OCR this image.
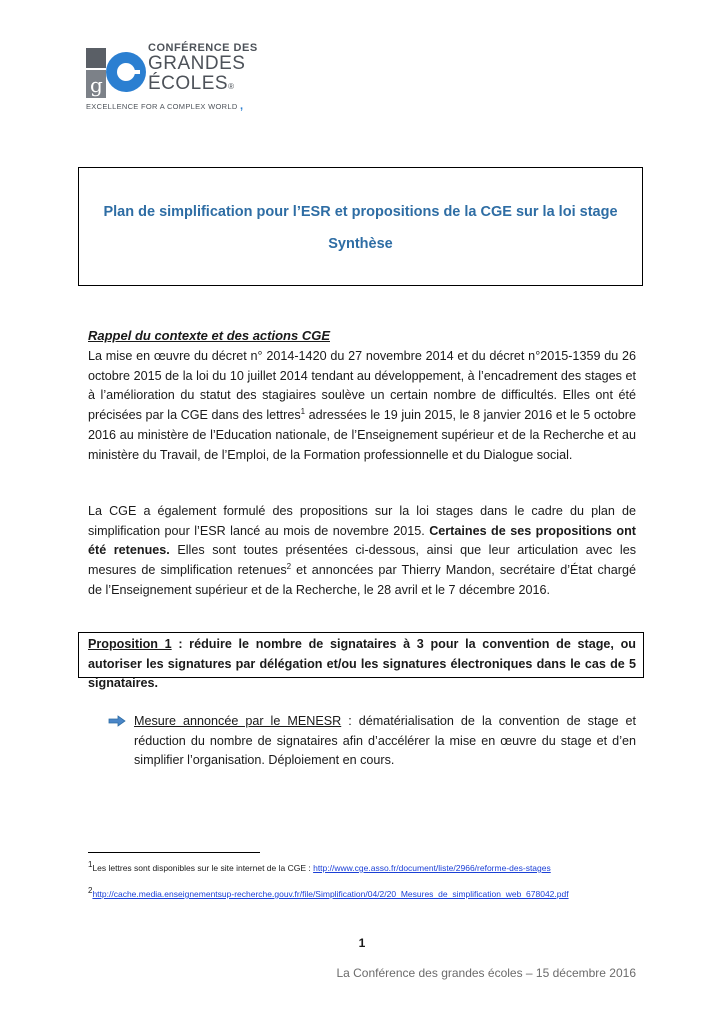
g
CONFÉRENCE DES
GRANDES
ÉCOLES®
EXCELLENCE FOR A COMPLEX WORLD ,
Plan de simplification pour l’ESR et propositions de la CGE sur la loi stage
Synthèse
Rappel du contexte et des actions CGE

La mise en œuvre du décret n° 2014-1420 du 27 novembre 2014 et du décret n°2015-1359 du 26 octobre 2015 de la loi du 10 juillet 2014 tendant au développement, à l’encadrement des stages et à l’amélioration du statut des stagiaires soulève un certain nombre de difficultés. Elles ont été précisées par la CGE dans des lettres$^1$ adressées le 19 juin 2015, le 8 janvier 2016 et le 5 octobre 2016 au ministère de l’Education nationale, de l’Enseignement supérieur et de la Recherche et au ministère du Travail, de l’Emploi, de la Formation professionnelle et du Dialogue social.

La CGE a également formulé des propositions sur la loi stages dans le cadre du plan de simplification pour l’ESR lancé au mois de novembre 2015. Certaines de ses propositions ont été retenues. Elles sont toutes présentées ci-dessous, ainsi que leur articulation avec les mesures de simplification retenues$^2$ et annoncées par Thierry Mandon, secrétaire d’État chargé de l’Enseignement supérieur et de la Recherche, le 28 avril et le 7 décembre 2016.

Proposition 1 : réduire le nombre de signataires à 3 pour la convention de stage, ou autoriser les signatures par délégation et/ou les signatures électroniques dans le cas de 5 signataires.

Mesure annoncée par le MENESR : dématérialisation de la convention de stage et réduction du nombre de signataires afin d’accélérer la mise en œuvre du stage et d’en simplifier l’organisation. Déploiement en cours.

$^1$Les lettres sont disponibles sur le site internet de la CGE : http://www.cge.asso.fr/document/liste/2966/reforme-des-stages
$^2$http://cache.media.enseignementsup-recherche.gouv.fr/file/Simplification/04/2/20_Mesures_de_simplification_web_678042.pdf
1
La Conférence des grandes écoles – 15 décembre 2016
